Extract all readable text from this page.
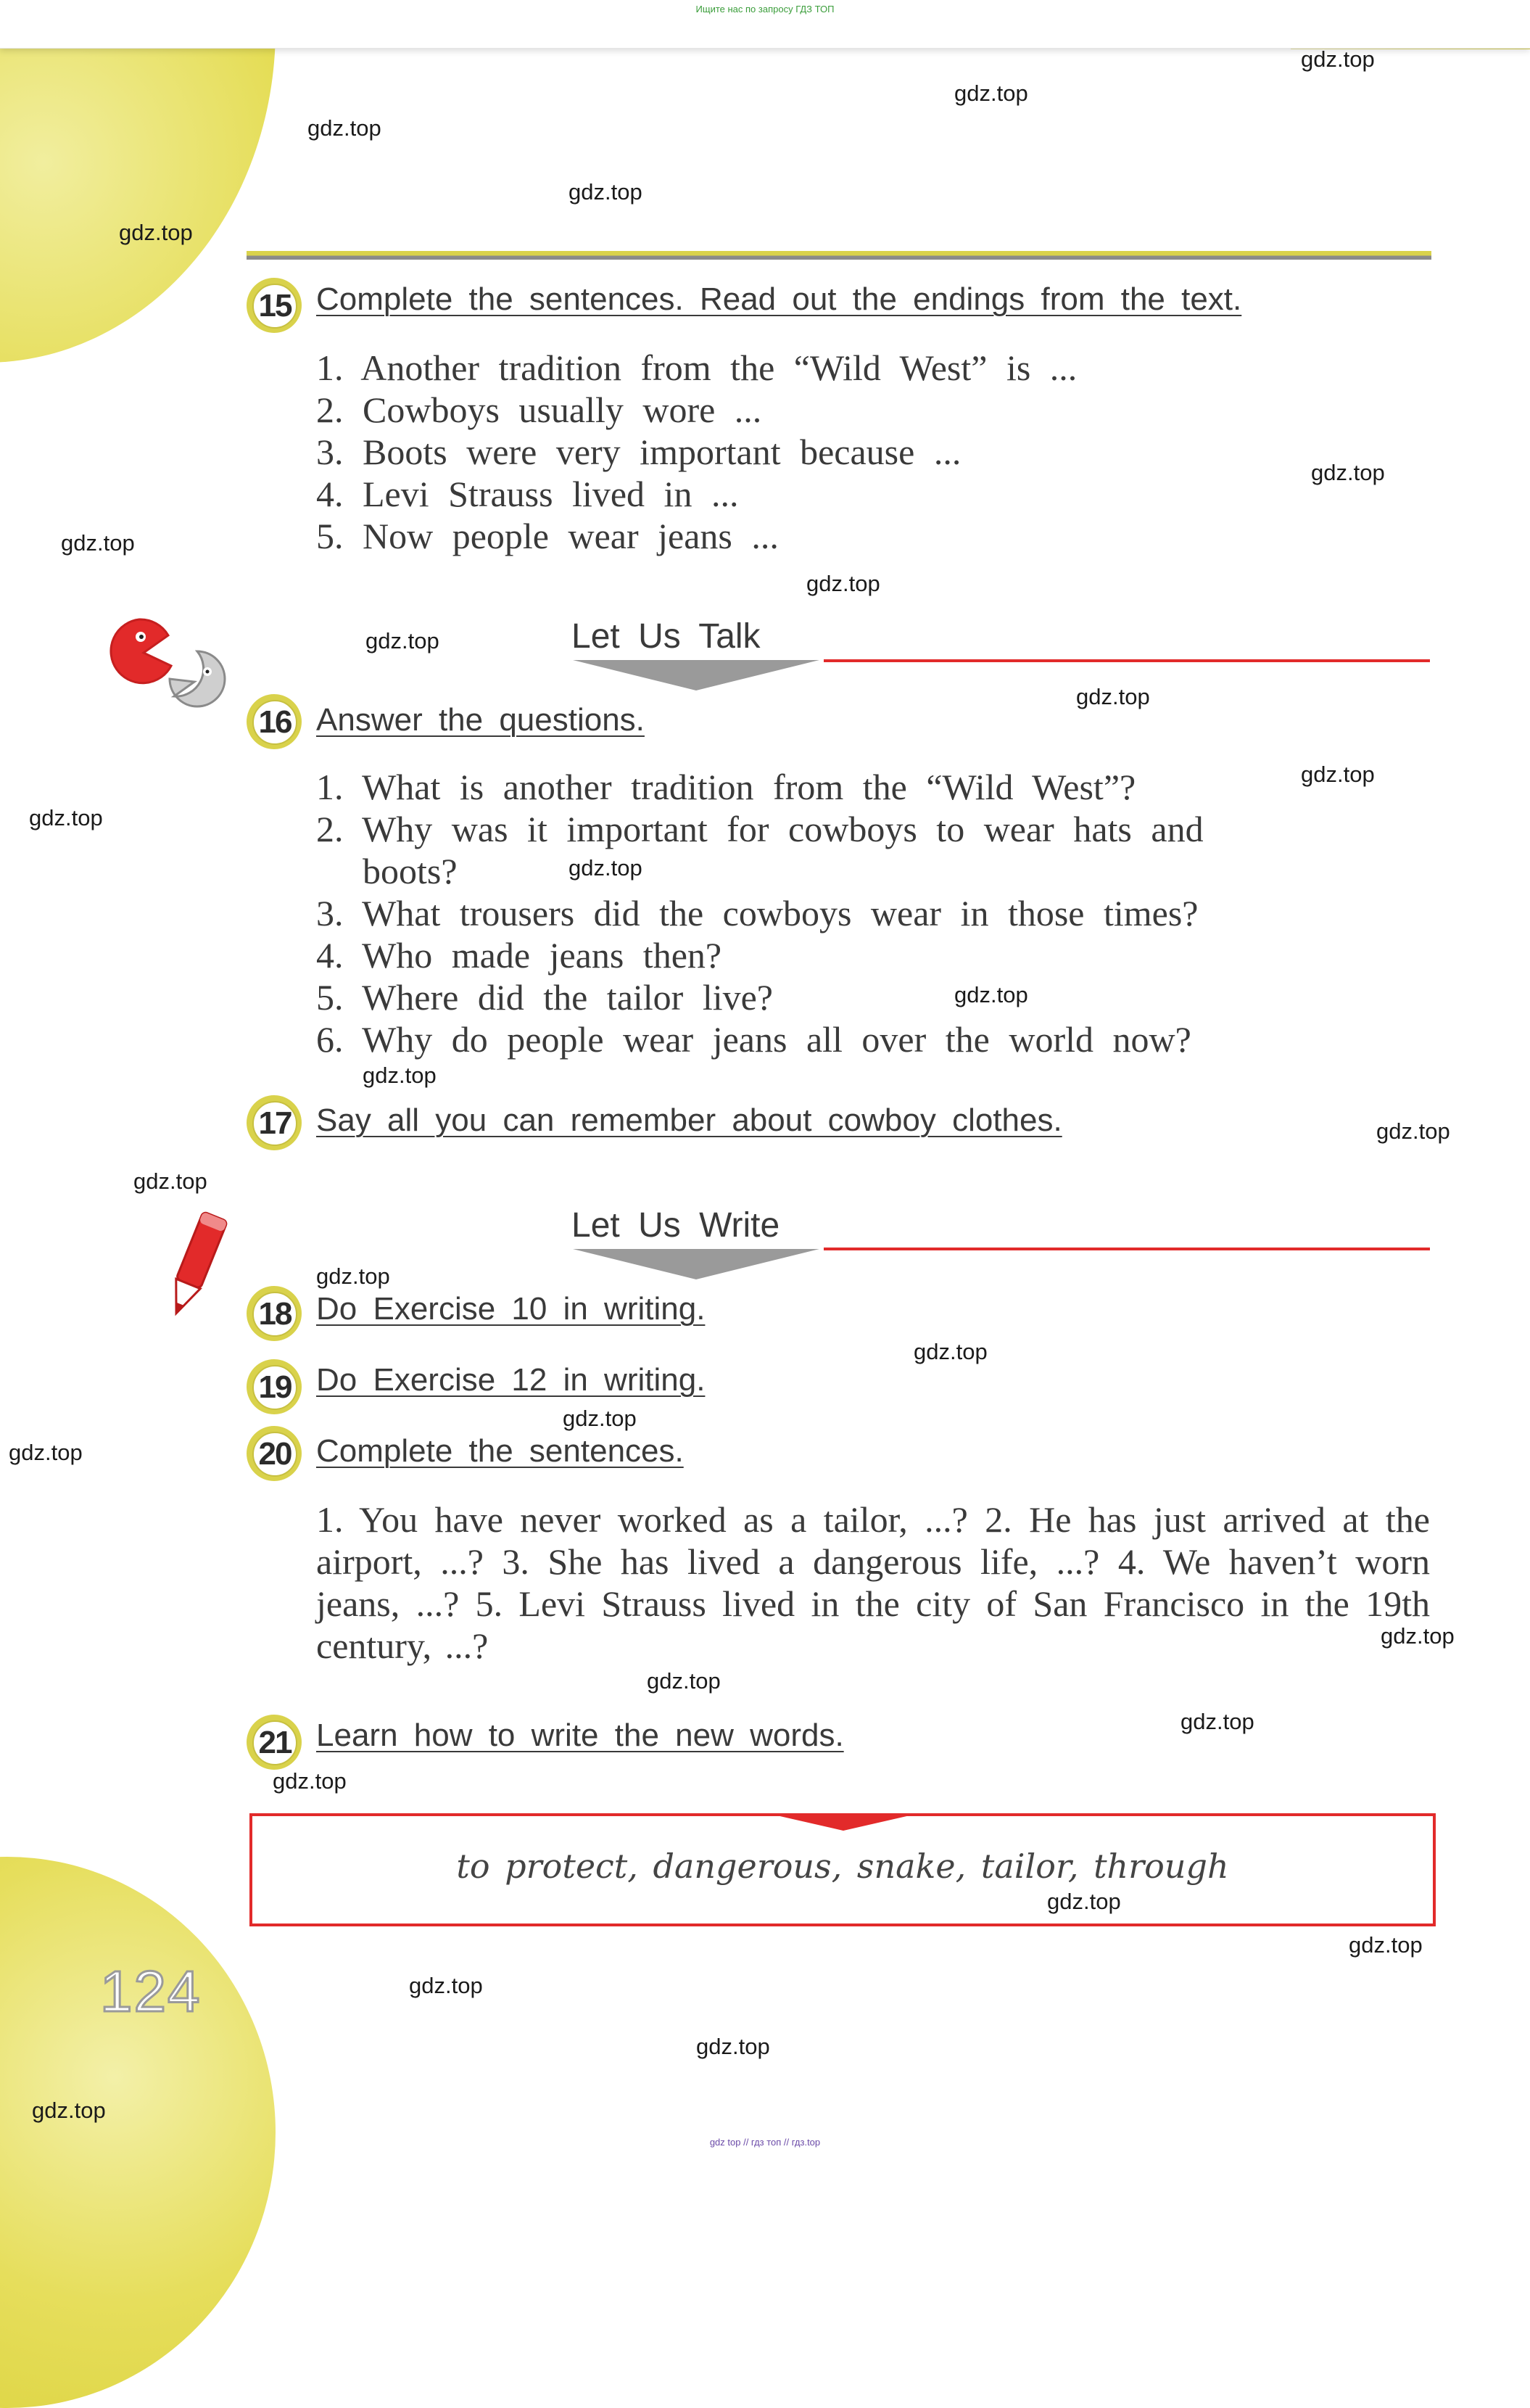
Ищите нас по запросу ГДЗ ТОП
15 Complete the sentences. Read out the endings from the text.
1. Another tradition from the “Wild West” is ...
2. Cowboys usually wore ...
3. Boots were very important because ...
4. Levi Strauss lived in ...
5. Now people wear jeans ...
Let Us Talk
16 Answer the questions.
1. What is another tradition from the “Wild West”?
2. Why was it important for cowboys to wear hats and
boots?
3. What trousers did the cowboys wear in those times?
4. Who made jeans then?
5. Where did the tailor live?
6. Why do people wear jeans all over the world now?
17 Say all you can remember about cowboy clothes.
Let Us Write
18 Do Exercise 10 in writing.
19 Do Exercise 12 in writing.
20 Complete the sentences.
1. You have never worked as a tailor, ...? 2. He has just arrived at the airport, ...? 3. She has lived a dangerous life, ...? 4. We haven’t worn jeans, ...? 5. Levi Strauss lived in the city of San Francisco in the 19th century, ...?
21 Learn how to write the new words.
to protect, dangerous, snake, tailor, through
124
gdz.top
gdz.top
gdz.top
gdz.top
gdz.top
gdz.top
gdz.top
gdz.top
gdz.top
gdz.top
gdz.top
gdz.top
gdz.top
gdz.top
gdz.top
gdz.top
gdz.top
gdz.top
gdz.top
gdz.top
gdz.top
gdz.top
gdz.top
gdz.top
gdz.top
gdz.top
gdz.top
gdz.top
gdz.top
gdz.top
gdz top // гдз топ // гдз.top
